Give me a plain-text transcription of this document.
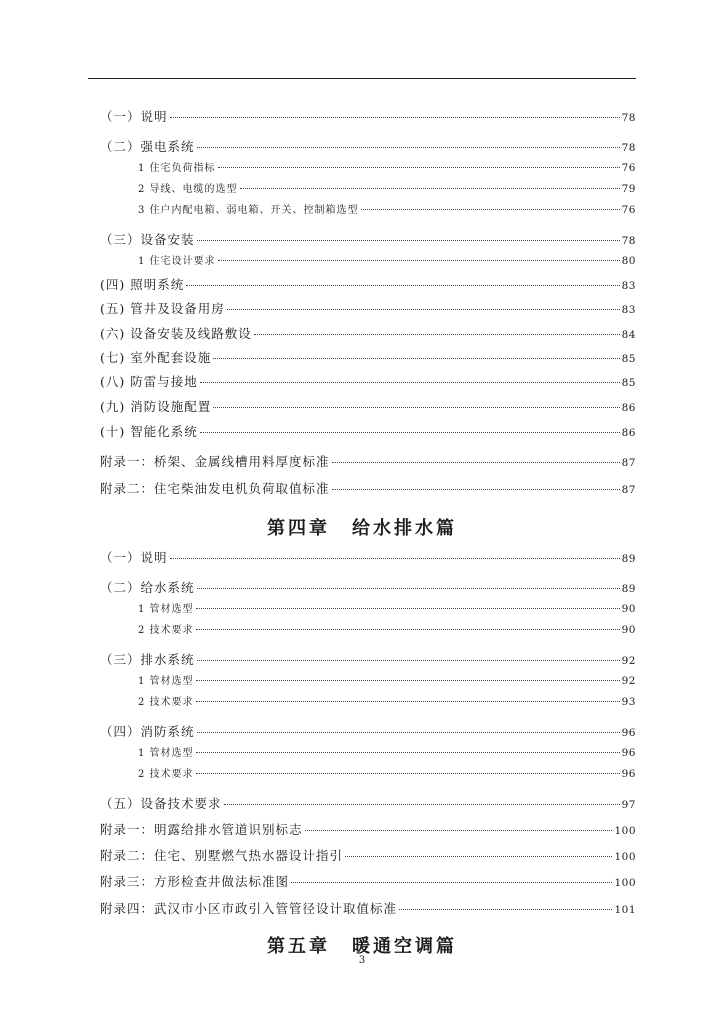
（一）说明	78
（二）强电系统	78
1 住宅负荷指标	76
2 导线、电缆的选型	79
3 住户内配电箱、弱电箱、开关、控制箱选型	76
（三）设备安装	78
1 住宅设计要求	80
(四) 照明系统	83
(五) 管井及设备用房	83
(六) 设备安装及线路敷设	84
(七) 室外配套设施	85
(八) 防雷与接地	85
(九) 消防设施配置	86
(十) 智能化系统	86
附录一：桥架、金属线槽用料厚度标准	87
附录二：住宅柴油发电机负荷取值标准	87
第四章 给水排水篇
（一）说明	89
（二）给水系统	89
1 管材选型	90
2 技术要求	90
（三）排水系统	92
1 管材选型	92
2 技术要求	93
（四）消防系统	96
1 管材选型	96
2 技术要求	96
（五）设备技术要求	97
附录一：明露给排水管道识别标志	100
附录二：住宅、别墅燃气热水器设计指引	100
附录三：方形检查井做法标准图	100
附录四：武汉市小区市政引入管管径设计取值标准	101
第五章 暖通空调篇
3
